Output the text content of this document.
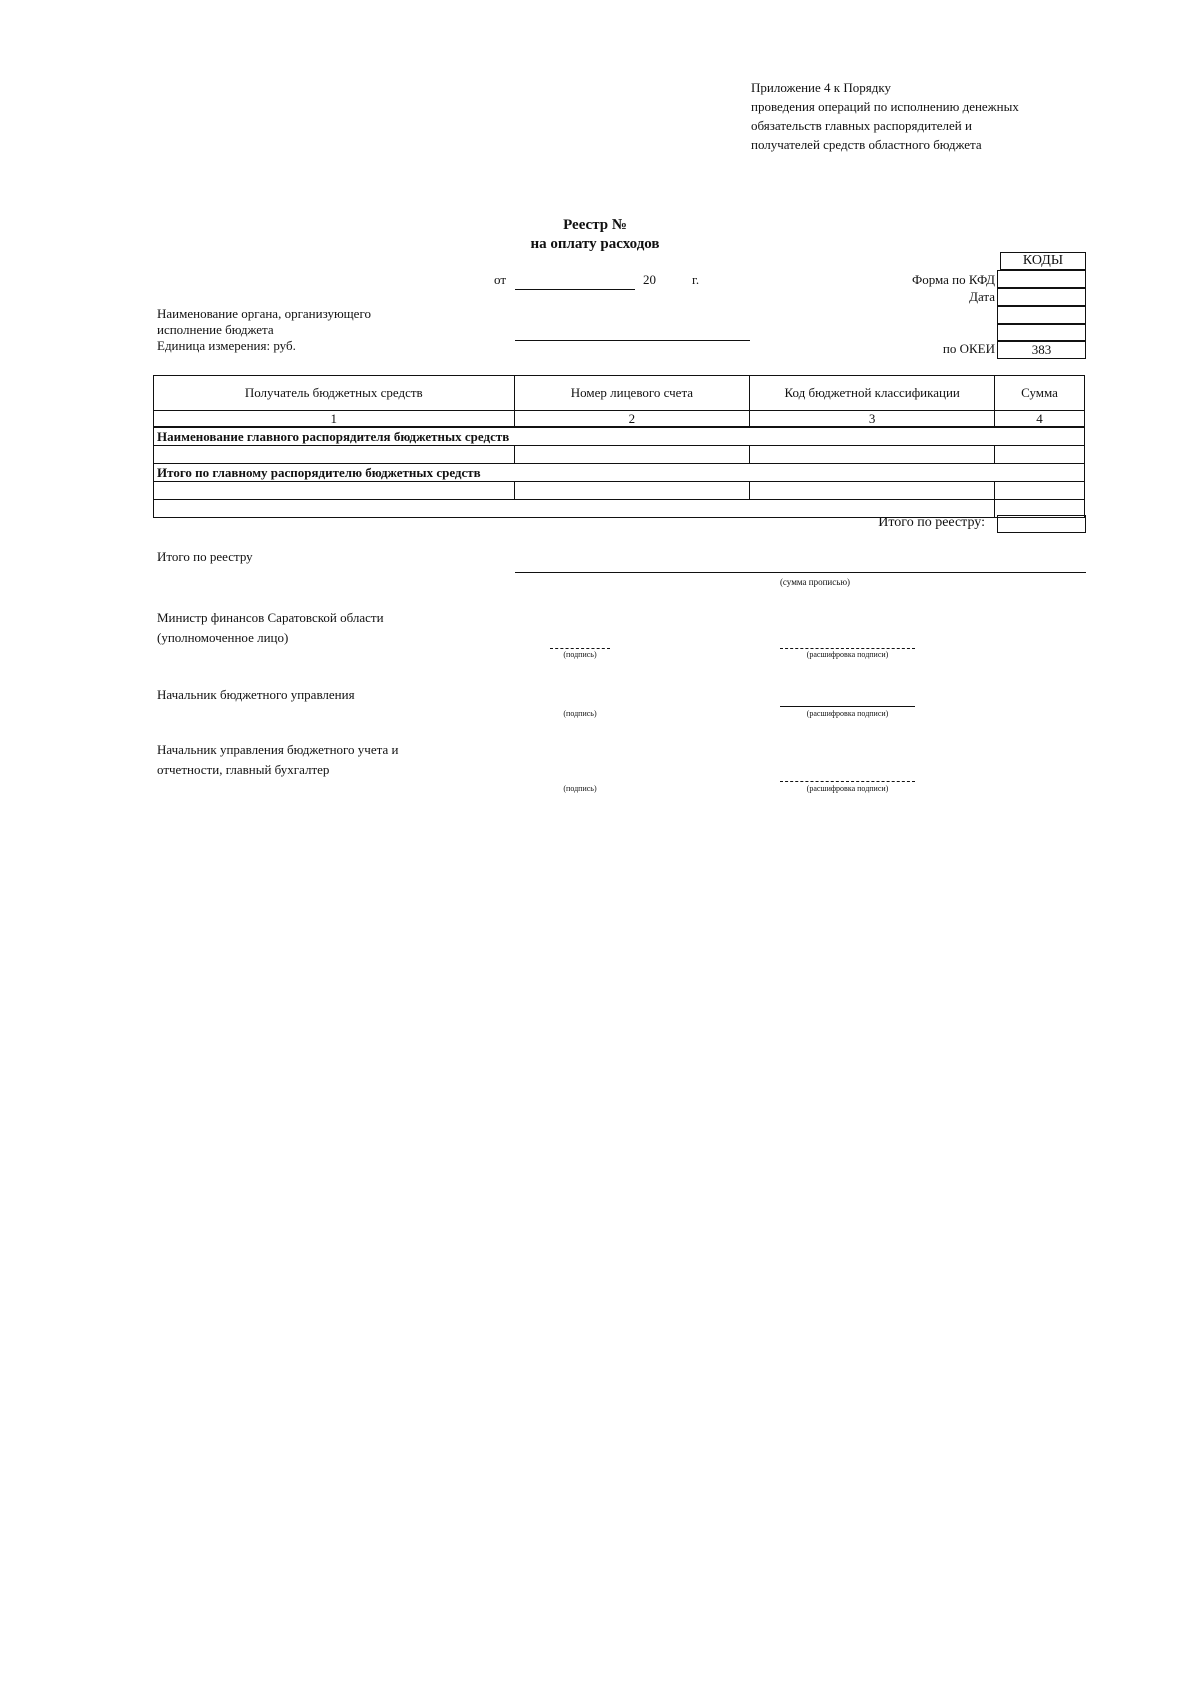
Приложение 4 к Порядку
проведения операций по исполнению денежных
обязательств главных распорядителей и
получателей средств областного бюджета
Реестр №
на оплату расходов
от	20	г.
КОДЫ
Форма по КФД
Дата
по ОКЕИ	383
Наименование органа, организующего
исполнение бюджета
Единица измерения: руб.
Получатель бюджетных средств	Номер лицевого счета	Код бюджетной классификации	Сумма
1	2	3	4
Наименование главного распорядителя бюджетных средств			

Итого по главному распорядителю бюджетных средств			

Итого по реестру:
Итого по реестру
(сумма прописью)
Министр финансов Саратовской области
(уполномоченное лицо)
(подпись)	(расшифровка подписи)
Начальник бюджетного управления
(подпись)	(расшифровка подписи)
Начальник управления бюджетного учета и
отчетности, главный бухгалтер
(подпись)	(расшифровка подписи)
